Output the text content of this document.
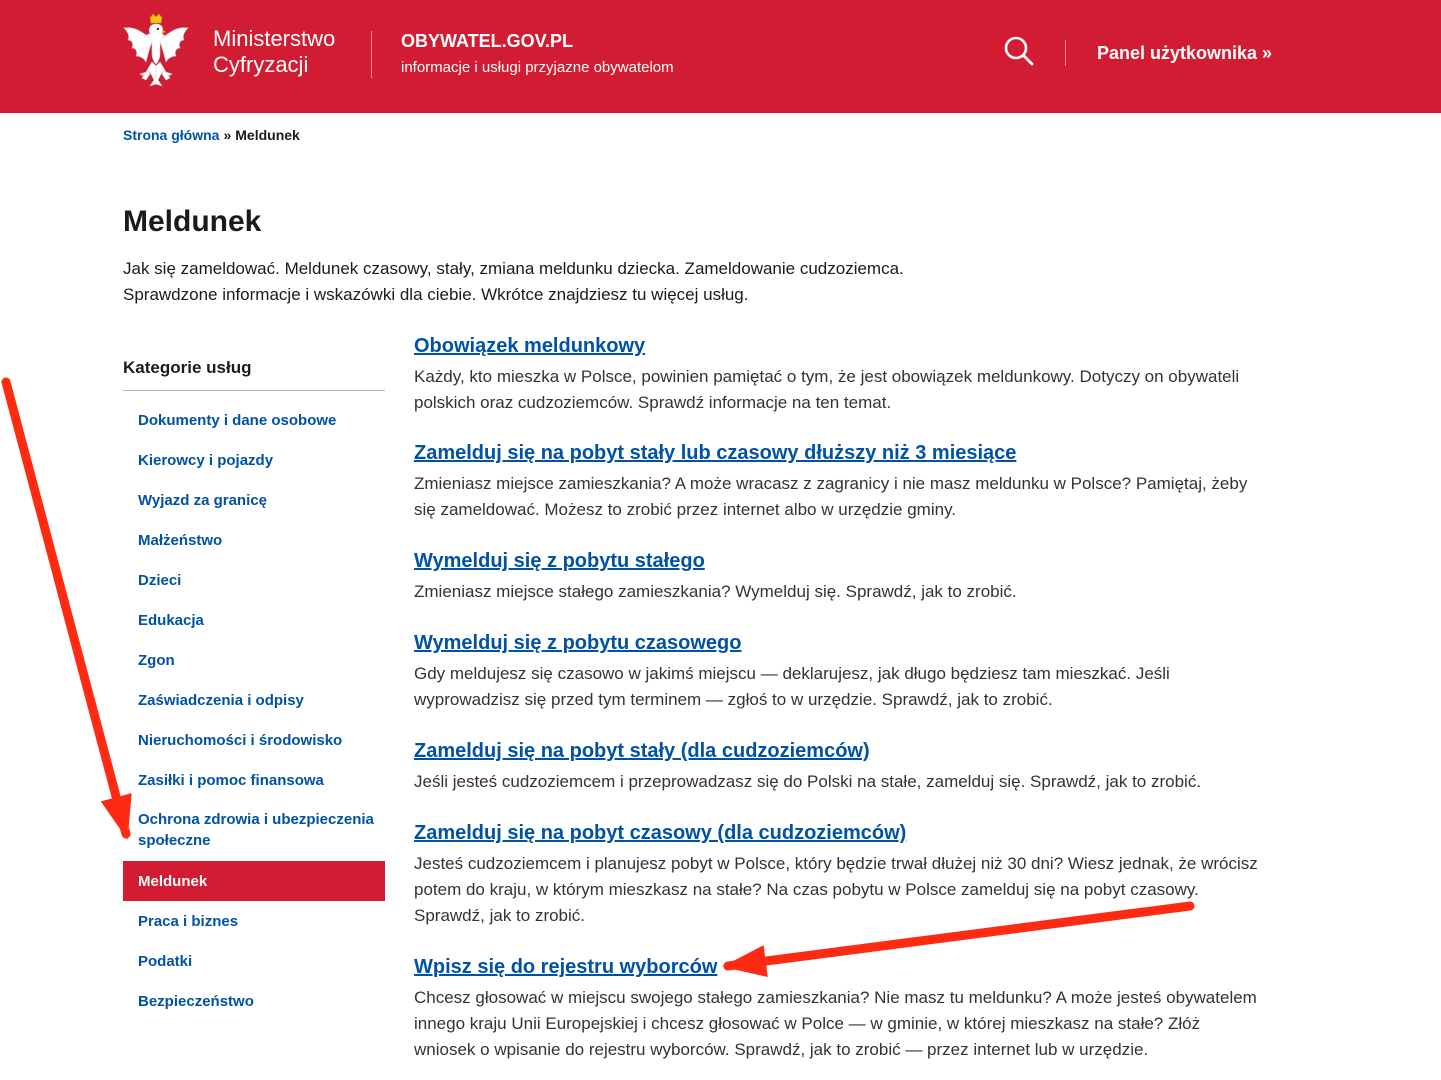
Ministerstwo
Cyfryzacji
OBYWATEL.GOV.PL
informacje i usługi przyjazne obywatelom
Panel użytkownika »
Strona główna » Meldunek
Meldunek

Jak się zameldować. Meldunek czasowy, stały, zmiana meldunku dziecka. Zameldowanie cudzoziemca.

Sprawdzone informacje i wskazówki dla ciebie. Wkrótce znajdziesz tu więcej usług.

Kategorie usług
Dokumenty i dane osobowe
Kierowcy i pojazdy
Wyjazd za granicę
Małżeństwo
Dzieci
Edukacja
Zgon
Zaświadczenia i odpisy
Nieruchomości i środowisko
Zasiłki i pomoc finansowa
Ochrona zdrowia i ubezpieczenia społeczne
Meldunek
Praca i biznes
Podatki
Bezpieczeństwo
Obowiązek meldunkowy

Każdy, kto mieszka w Polsce, powinien pamiętać o tym, że jest obowiązek meldunkowy. Dotyczy on obywateli polskich oraz cudzoziemców. Sprawdź informacje na ten temat.

Zamelduj się na pobyt stały lub czasowy dłuższy niż 3 miesiące

Zmieniasz miejsce zamieszkania? A może wracasz z zagranicy i nie masz meldunku w Polsce? Pamiętaj, żeby się zameldować. Możesz to zrobić przez internet albo w urzędzie gminy.

Wymelduj się z pobytu stałego

Zmieniasz miejsce stałego zamieszkania? Wymelduj się. Sprawdź, jak to zrobić.

Wymelduj się z pobytu czasowego

Gdy meldujesz się czasowo w jakimś miejscu — deklarujesz, jak długo będziesz tam mieszkać. Jeśli wyprowadzisz się przed tym terminem — zgłoś to w urzędzie. Sprawdź, jak to zrobić.

Zamelduj się na pobyt stały (dla cudzoziemców)

Jeśli jesteś cudzoziemcem i przeprowadzasz się do Polski na stałe, zamelduj się. Sprawdź, jak to zrobić.

Zamelduj się na pobyt czasowy (dla cudzoziemców)

Jesteś cudzoziemcem i planujesz pobyt w Polsce, który będzie trwał dłużej niż 30 dni? Wiesz jednak, że wrócisz potem do kraju, w którym mieszkasz na stałe? Na czas pobytu w Polsce zamelduj się na pobyt czasowy. Sprawdź, jak to zrobić.

Wpisz się do rejestru wyborców

Chcesz głosować w miejscu swojego stałego zamieszkania? Nie masz tu meldunku? A może jesteś obywatelem innego kraju Unii Europejskiej i chcesz głosować w Polce — w gminie, w której mieszkasz na stałe? Złóż wniosek o wpisanie do rejestru wyborców. Sprawdź, jak to zrobić — przez internet lub w urzędzie.
